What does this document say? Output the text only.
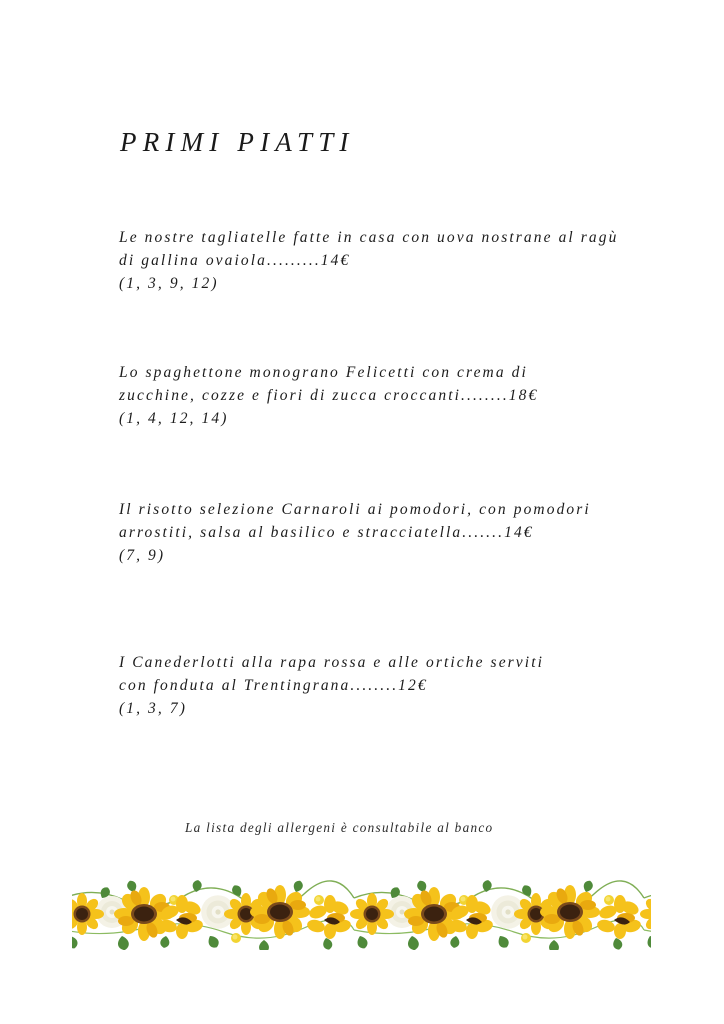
PRIMI PIATTI
Le nostre tagliatelle fatte in casa con uova nostrane al ragù
di gallina ovaiola.........14€
(1, 3, 9, 12)
Lo spaghettone monograno Felicetti con crema di
zucchine, cozze e fiori di zucca croccanti........18€
(1, 4, 12, 14)
Il risotto selezione Carnaroli ai pomodori, con pomodori
arrostiti, salsa al basilico e stracciatella.......14€
(7, 9)
I Canederlotti alla rapa rossa e alle ortiche serviti
con fonduta al Trentingrana........12€
(1, 3, 7)
La lista degli allergeni è consultabile al banco
